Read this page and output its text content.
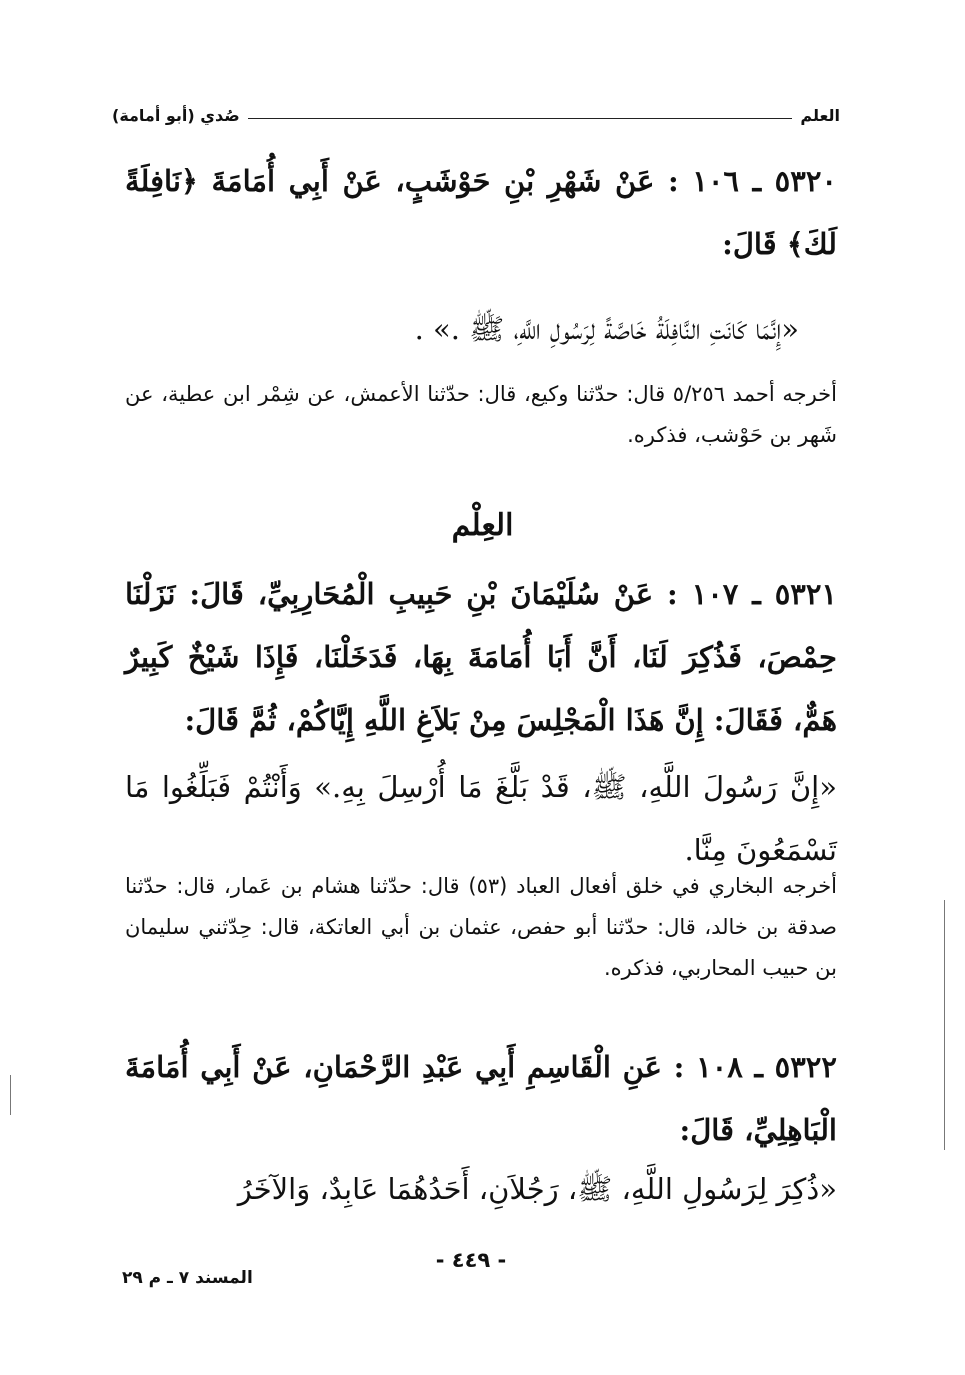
العلم
صُدي (أبو أمامة)
٥٣٢٠ ـ ١٠٦ : عَنْ شَهْرِ بْنِ حَوْشَبٍ، عَنْ أَبِي أُمَامَةَ ﴿نَافِلَةً لَكَ﴾ قَالَ:
«إِنَّمَا كَانَتِ النَّافِلَةُ خَاصَّةً لِرَسُولِ اللَّهِ، ﷺ .» .
أخرجه أحمد ٥/٢٥٦ قال: حدّثنا وكيع، قال: حدّثنا الأعمش، عن شِمْر ابن عطية، عن شَهر بن حَوْشب، فذكره.
العِلْم
٥٣٢١ ـ ١٠٧ : عَنْ سُلَيْمَانَ بْنِ حَبِيبِ الْمُحَارِبِيِّ، قَالَ: نَزَلْنَا حِمْصَ، فَذُكِرَ لَنَا، أَنَّ أَبَا أُمَامَةَ بِهَا، فَدَخَلْنَا، فَإِذَا شَيْخٌ كَبِيرٌ هَمٌّ، فَقَالَ: إِنَّ هَذَا الْمَجْلِسَ مِنْ بَلاَغِ اللَّهِ إِيَّاكُمْ، ثُمَّ قَالَ:
«إِنَّ رَسُولَ اللَّهِ، ﷺ، قَدْ بَلَّغَ مَا أُرْسِلَ بِهِ.» وَأَنْتُمْ فَبَلِّغُوا مَا تَسْمَعُونَ مِنَّا.
أخرجه البخاري في خلق أفعال العباد (٥٣) قال: حدّثنا هشام بن عَمار، قال: حدّثنا صدقة بن خالد، قال: حدّثنا أبو حفص، عثمان بن أبي العاتكة، قال: حِدّثني سليمان بن حبيب المحاربي، فذكره.
٥٣٢٢ ـ ١٠٨ : عَنِ الْقَاسِمِ أَبِي عَبْدِ الرَّحْمَانِ، عَنْ أَبِي أُمَامَةَ الْبَاهِلِيِّ، قَالَ:
«ذُكِرَ لِرَسُولِ اللَّهِ، ﷺ، رَجُلاَنِ، أَحَدُهُمَا عَابِدٌ، وَالآخَرُ
- ٤٤٩ -
المسند ٧ ـ م ٢٩
